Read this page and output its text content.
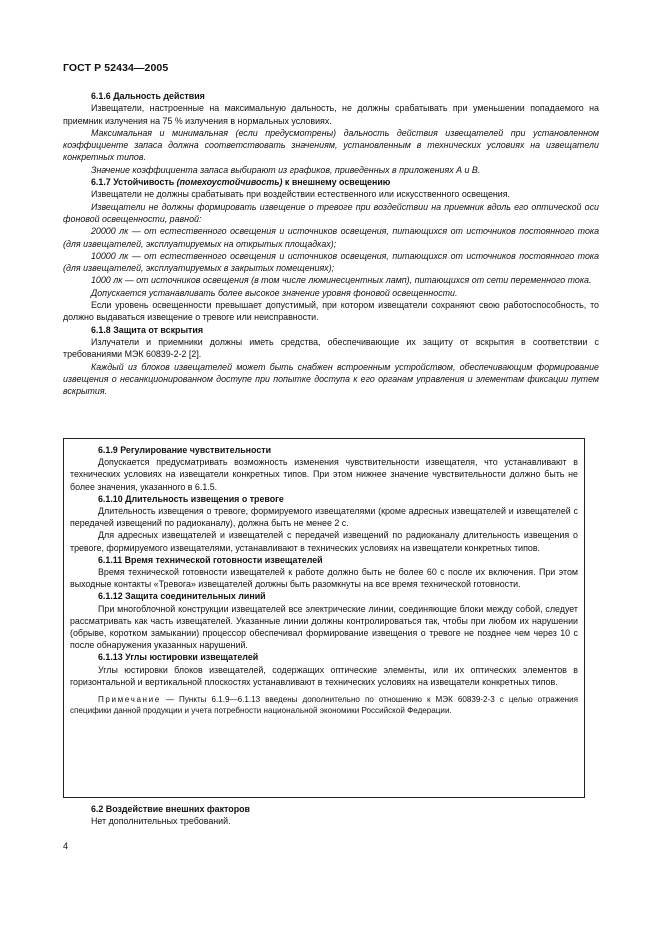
ГОСТ Р 52434—2005

6.1.6 Дальность действия

Извещатели, настроенные на максимальную дальность, не должны срабатывать при уменьшении попадаемого на приемник излучения на 75 % излучения в нормальных условиях.

Максимальная и минимальная (если предусмотрены) дальность действия извещателей при установленном коэффициенте запаса должна соответствовать значениям, установленным в технических условиях на извещатели конкретных типов.

Значение коэффициента запаса выбирают из графиков, приведенных в приложениях А и В.

6.1.7 Устойчивость (помехоустойчивость) к внешнему освещению

Извещатели не должны срабатывать при воздействии естественного или искусственного освещения.

Извещатели не должны формировать извещение о тревоге при воздействии на приемник вдоль его оптической оси фоновой освещенности, равной:

20000 лк — от естественного освещения и источников освещения, питающихся от источников постоянного тока (для извещателей, эксплуатируемых на открытых площадках);

10000 лк — от естественного освещения и источников освещения, питающихся от источников постоянного тока (для извещателей, эксплуатируемых в закрытых помещениях);

1000 лк — от источников освещения (в том числе люминесцентных ламп), питающихся от сети переменного тока.

Допускается устанавливать более высокое значение уровня фоновой освещенности.

Если уровень освещенности превышает допустимый, при котором извещатели сохраняют свою работоспособность, то должно выдаваться извещение о тревоге или неисправности.

6.1.8 Защита от вскрытия

Излучатели и приемники должны иметь средства, обеспечивающие их защиту от вскрытия в соответствии с требованиями МЭК 60839-2-2 [2].

Каждый из блоков извещателей может быть снабжен встроенным устройством, обеспечивающим формирование извещения о несанкционированном доступе при попытке доступа к его органам управления и элементам фиксации путем вскрытия.

6.1.9 Регулирование чувствительности

Допускается предусматривать возможность изменения чувствительности извещателя, что устанавливают в технических условиях на извещатели конкретных типов. При этом нижнее значение чувствительности должно быть не более значения, указанного в 6.1.5.

6.1.10 Длительность извещения о тревоге

Длительность извещения о тревоге, формируемого извещателями (кроме адресных извещателей и извещателей с передачей извещений по радиоканалу), должна быть не менее 2 с.

Для адресных извещателей и извещателей с передачей извещений по радиоканалу длительность извещения о тревоге, формируемого извещателями, устанавливают в технических условиях на извещатели конкретных типов.

6.1.11 Время технической готовности извещателей

Время технической готовности извещателей к работе должно быть не более 60 с после их включения. При этом выходные контакты «Тревога» извещателей должны быть разомкнуты на все время технической готовности.

6.1.12 Защита соединительных линий

При многоблочной конструкции извещателей все электрические линии, соединяющие блоки между собой, следует рассматривать как часть извещателей. Указанные линии должны контролироваться так, чтобы при любом их нарушении (обрыве, коротком замыкании) процессор обеспечивал формирование извещения о тревоге не позднее чем через 10 с после обнаружения указанных нарушений.

6.1.13 Углы юстировки извещателей

Углы юстировки блоков извещателей, содержащих оптические элементы, или их оптических элементов в горизонтальной и вертикальной плоскостях устанавливают в технических условиях на извещатели конкретных типов.

Примечание — Пункты 6.1.9—6.1.13 введены дополнительно по отношению к МЭК 60839-2-3 с целью отражения специфики данной продукции и учета потребности национальной экономики Российской Федерации.

6.2 Воздействие внешних факторов

Нет дополнительных требований.

4
